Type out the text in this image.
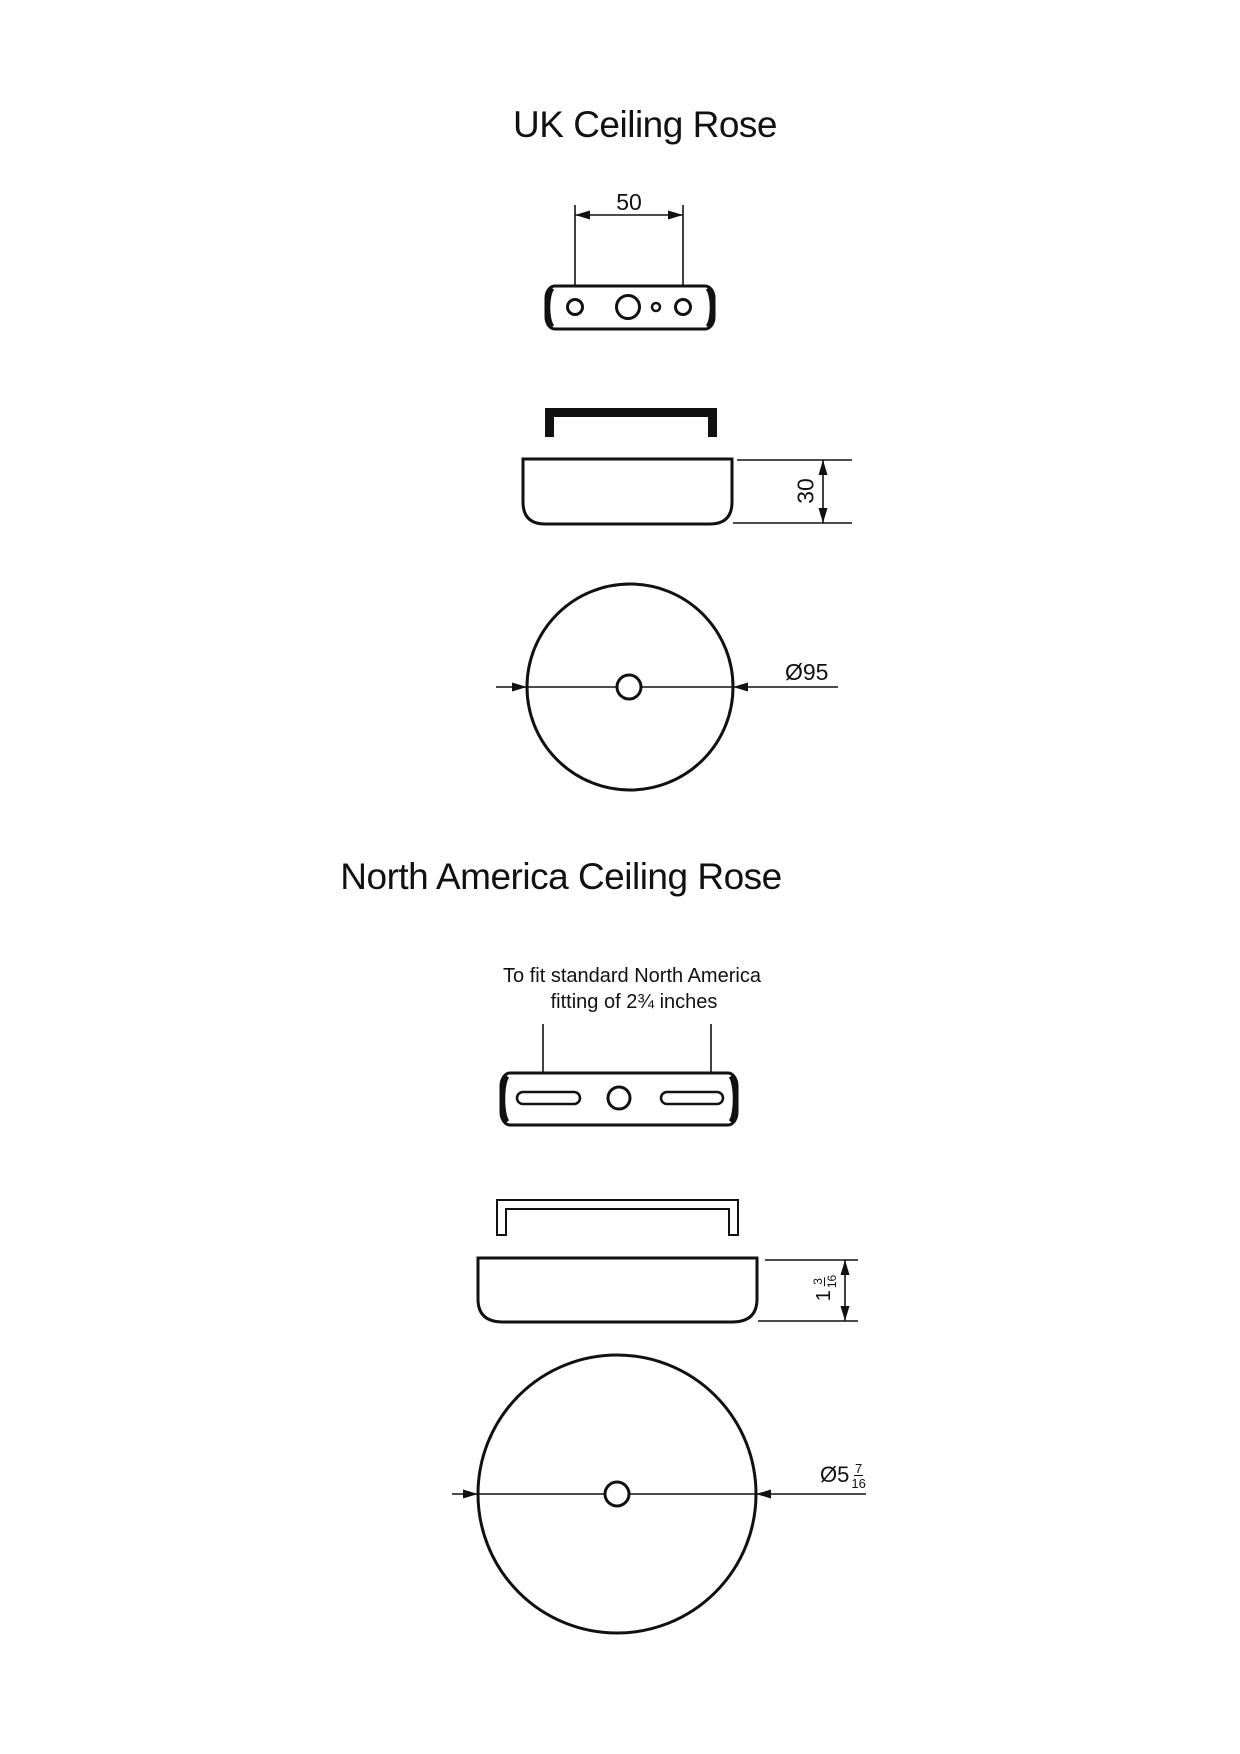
UK Ceiling Rose
50
30
Ø95
North America Ceiling Rose
To fit standard North America
fitting of 2¾ inches
1
3 16
Ø5 $\frac{7}{16}$
